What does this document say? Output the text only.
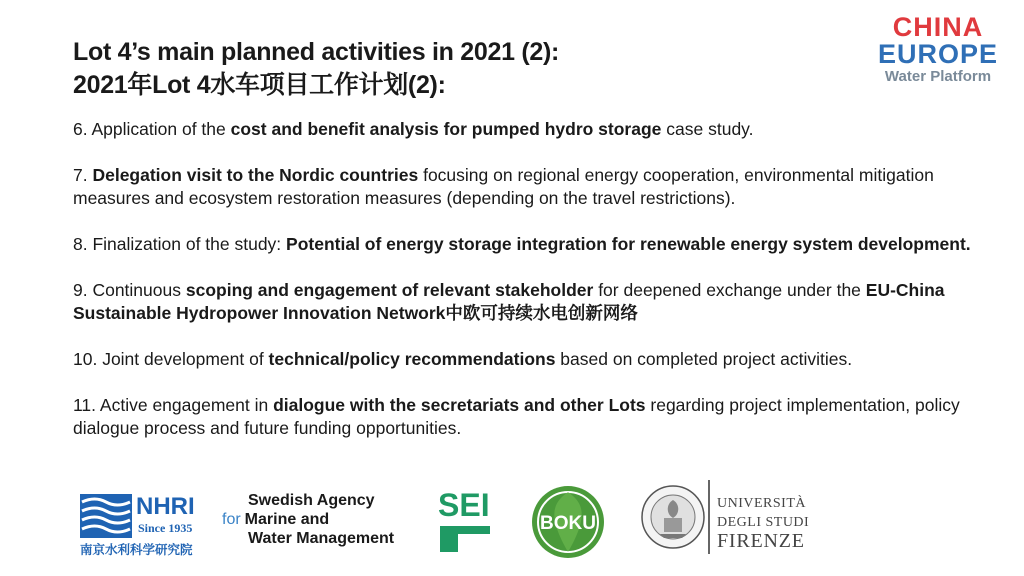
Lot 4’s main planned activities in 2021 (2):
2021年Lot 4水车项目工作计划(2):
CHINA
EUROPE
Water Platform

6. Application of the cost and benefit analysis for pumped hydro storage case study.

7. Delegation visit to the Nordic countries focusing on regional energy cooperation, environmental mitigation measures and ecosystem restoration measures (depending on the travel restrictions).

8. Finalization of the study: Potential of energy storage integration for renewable energy system development.

9. Continuous scoping and engagement of relevant stakeholder for deepened exchange under the EU-China Sustainable Hydropower Innovation Network中欧可持续水电创新网络

10. Joint development of technical/policy recommendations based on completed project activities.

11. Active engagement in dialogue with the secretariats and other Lots regarding project implementation, policy dialogue process and future funding opportunities.

NHRI
Since 1935
南京水利科学研究院
Swedish Agency
for Marine and
Water Management
SEI
BOKU
UNIVERSITÀ
DEGLI STUDI
FIRENZE
